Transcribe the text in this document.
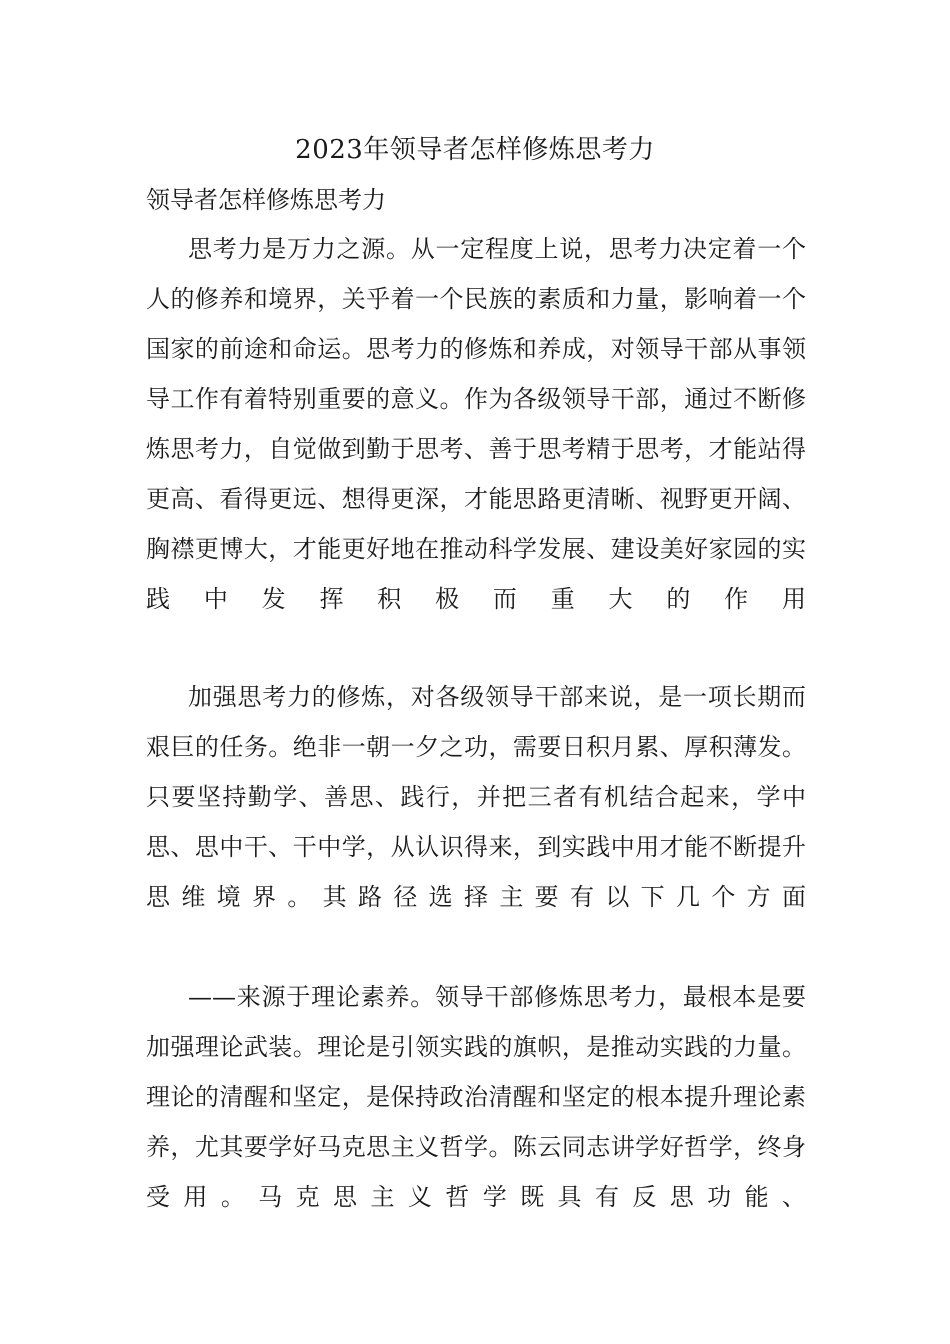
2023年领导者怎样修炼思考力
领导者怎样修炼思考力

思考力是万力之源。从一定程度上说，思考力决定着一个人的修养和境界，关乎着一个民族的素质和力量，影响着一个国家的前途和命运。思考力的修炼和养成，对领导干部从事领导工作有着特别重要的意义。作为各级领导干部，通过不断修炼思考力，自觉做到勤于思考、善于思考精于思考，才能站得更高、看得更远、想得更深，才能思路更清晰、视野更开阔、胸襟更博大，才能更好地在推动科学发展、建设美好家园的实践中发挥积极而重大的作用

加强思考力的修炼，对各级领导干部来说，是一项长期而艰巨的任务。绝非一朝一夕之功，需要日积月累、厚积薄发。只要坚持勤学、善思、践行，并把三者有机结合起来，学中思、思中干、干中学，从认识得来，到实践中用才能不断提升思维境界。其路径选择主要有以下几个方面

——来源于理论素养。领导干部修炼思考力，最根本是要加强理论武装。理论是引领实践的旗帜，是推动实践的力量。理论的清醒和坚定，是保持政治清醒和坚定的根本提升理论素养，尤其要学好马克思主义哲学。陈云同志讲学好哲学，终身受用。马克思主义哲学既具有反思功能、
